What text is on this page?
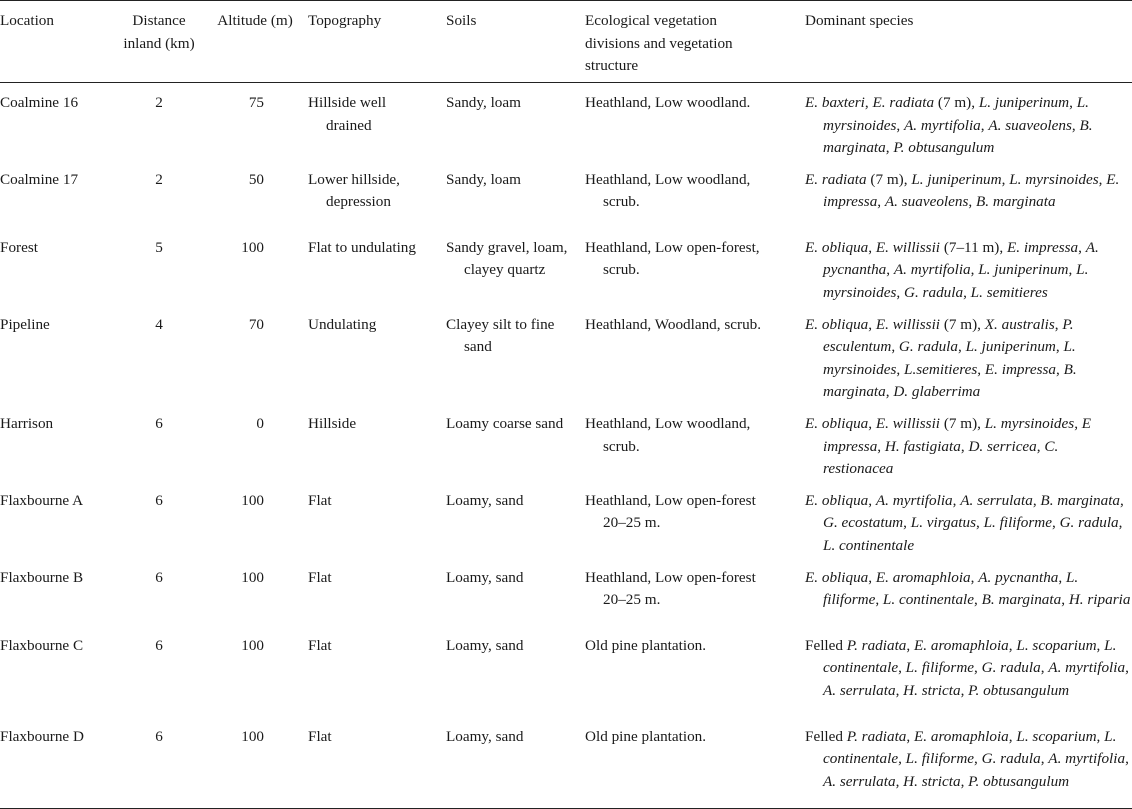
Location	Distance inland (km)	Altitude (m)	Topography	Soils	Ecological vegetation divisions and vegetation structure	Dominant species
Coalmine 16	2	75	Hillside well drained	Sandy, loam	Heathland, Low woodland.	E. baxteri, E. radiata (7 m), L. juniperinum, L. myrsinoides, A. myrtifolia, A. suaveolens, B. marginata, P. obtusangulum

Coalmine 17	2	50	Lower hillside, depression	Sandy, loam	Heathland, Low woodland, scrub.	E. radiata (7 m), L. juniperinum, L. myrsinoides, E. impressa, A. suaveolens, B. marginata

Forest	5	100	Flat to undulating	Sandy gravel, loam, clayey quartz	Heathland, Low open-forest, scrub.	E. obliqua, E. willissii (7–11 m), E. impressa, A. pycnantha, A. myrtifolia, L. juniperinum, L. myrsinoides, G. radula, L. semitieres

Pipeline	4	70	Undulating	Clayey silt to fine sand	Heathland, Woodland, scrub.	E. obliqua, E. willissii (7 m), X. australis, P. esculentum, G. radula, L. juniperinum, L. myrsinoides, L.semitieres, E. impressa, B. marginata, D. glaberrima

Harrison	6	0	Hillside	Loamy coarse sand	Heathland, Low woodland, scrub.	E. obliqua, E. willissii (7 m), L. myrsinoides, E impressa, H. fastigiata, D. serricea, C. restionacea

Flaxbourne A	6	100	Flat	Loamy, sand	Heathland, Low open-forest 20–25 m.	E. obliqua, A. myrtifolia, A. serrulata, B. marginata, G. ecostatum, L. virgatus, L. filiforme, G. radula, L. continentale

Flaxbourne B	6	100	Flat	Loamy, sand	Heathland, Low open-forest 20–25 m.	E. obliqua, E. aromaphloia, A. pycnantha, L. filiforme, L. continentale, B. marginata, H. riparia

Flaxbourne C	6	100	Flat	Loamy, sand	Old pine plantation.	Felled P. radiata, E. aromaphloia, L. scoparium, L. continentale, L. filiforme, G. radula, A. myrtifolia, A. serrulata, H. stricta, P. obtusangulum

Flaxbourne D	6	100	Flat	Loamy, sand	Old pine plantation.	Felled P. radiata, E. aromaphloia, L. scoparium, L. continentale, L. filiforme, G. radula, A. myrtifolia, A. serrulata, H. stricta, P. obtusangulum
